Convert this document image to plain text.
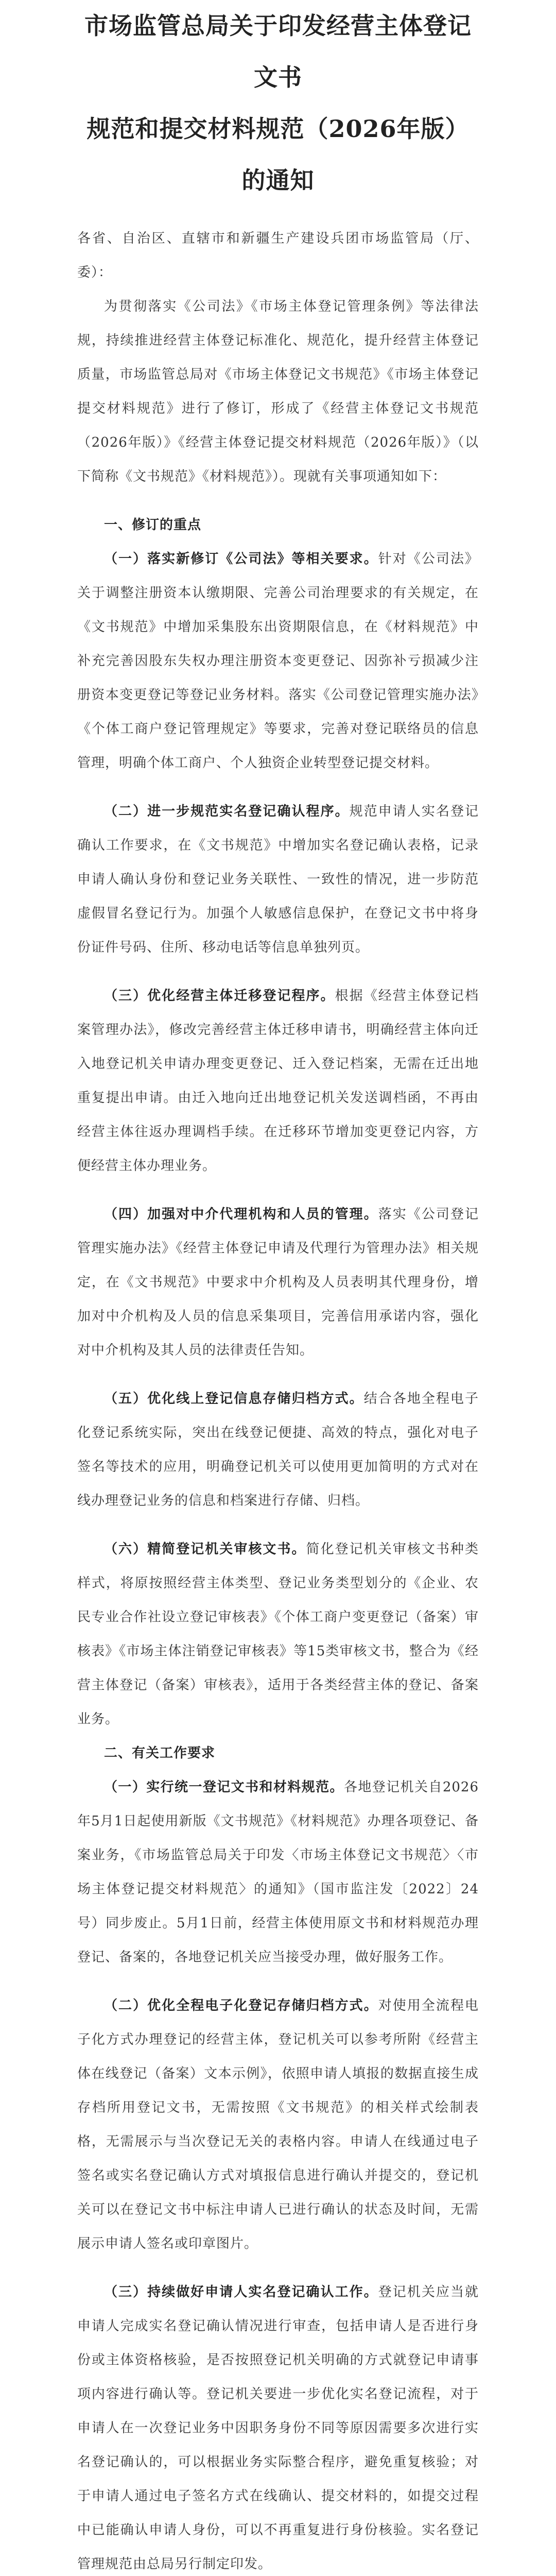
市场监管总局关于印发经营主体登记文书
规范和提交材料规范（2026年版）的通知

各省、自治区、直辖市和新疆生产建设兵团市场监管局（厅、委）：

为贯彻落实《公司法》《市场主体登记管理条例》等法律法规，持续推进经营主体登记标准化、规范化，提升经营主体登记质量，市场监管总局对《市场主体登记文书规范》《市场主体登记提交材料规范》进行了修订，形成了《经营主体登记文书规范（2026年版）》《经营主体登记提交材料规范（2026年版）》（以下简称《文书规范》《材料规范》）。现就有关事项通知如下：

一、修订的重点

（一）落实新修订《公司法》等相关要求。针对《公司法》关于调整注册资本认缴期限、完善公司治理要求的有关规定，在《文书规范》中增加采集股东出资期限信息，在《材料规范》中补充完善因股东失权办理注册资本变更登记、因弥补亏损减少注册资本变更登记等登记业务材料。落实《公司登记管理实施办法》《个体工商户登记管理规定》等要求，完善对登记联络员的信息管理，明确个体工商户、个人独资企业转型登记提交材料。

（二）进一步规范实名登记确认程序。规范申请人实名登记确认工作要求，在《文书规范》中增加实名登记确认表格，记录申请人确认身份和登记业务关联性、一致性的情况，进一步防范虚假冒名登记行为。加强个人敏感信息保护，在登记文书中将身份证件号码、住所、移动电话等信息单独列页。

（三）优化经营主体迁移登记程序。根据《经营主体登记档案管理办法》，修改完善经营主体迁移申请书，明确经营主体向迁入地登记机关申请办理变更登记、迁入登记档案，无需在迁出地重复提出申请。由迁入地向迁出地登记机关发送调档函，不再由经营主体往返办理调档手续。在迁移环节增加变更登记内容，方便经营主体办理业务。

（四）加强对中介代理机构和人员的管理。落实《公司登记管理实施办法》《经营主体登记申请及代理行为管理办法》相关规定，在《文书规范》中要求中介机构及人员表明其代理身份，增加对中介机构及人员的信息采集项目，完善信用承诺内容，强化对中介机构及其人员的法律责任告知。

（五）优化线上登记信息存储归档方式。结合各地全程电子化登记系统实际，突出在线登记便捷、高效的特点，强化对电子签名等技术的应用，明确登记机关可以使用更加简明的方式对在线办理登记业务的信息和档案进行存储、归档。

（六）精简登记机关审核文书。简化登记机关审核文书种类样式，将原按照经营主体类型、登记业务类型划分的《企业、农民专业合作社设立登记审核表》《个体工商户变更登记（备案）审核表》《市场主体注销登记审核表》等15类审核文书，整合为《经营主体登记（备案）审核表》，适用于各类经营主体的登记、备案业务。

二、有关工作要求

（一）实行统一登记文书和材料规范。各地登记机关自2026年5月1日起使用新版《文书规范》《材料规范》办理各项登记、备案业务，《市场监管总局关于印发〈市场主体登记文书规范〉〈市场主体登记提交材料规范〉的通知》（国市监注发〔2022〕24号）同步废止。5月1日前，经营主体使用原文书和材料规范办理登记、备案的，各地登记机关应当接受办理，做好服务工作。

（二）优化全程电子化登记存储归档方式。对使用全流程电子化方式办理登记的经营主体，登记机关可以参考所附《经营主体在线登记（备案）文本示例》，依照申请人填报的数据直接生成存档所用登记文书，无需按照《文书规范》的相关样式绘制表格，无需展示与当次登记无关的表格内容。申请人在线通过电子签名或实名登记确认方式对填报信息进行确认并提交的，登记机关可以在登记文书中标注申请人已进行确认的状态及时间，无需展示申请人签名或印章图片。

（三）持续做好申请人实名登记确认工作。登记机关应当就申请人完成实名登记确认情况进行审查，包括申请人是否进行身份或主体资格核验，是否按照登记机关明确的方式就登记申请事项内容进行确认等。登记机关要进一步优化实名登记流程，对于申请人在一次登记业务中因职务身份不同等原因需要多次进行实名登记确认的，可以根据业务实际整合程序，避免重复核验；对于申请人通过电子签名方式在线确认、提交材料的，如提交过程中已能确认申请人身份，可以不再重复进行身份核验。实名登记管理规范由总局另行制定印发。
